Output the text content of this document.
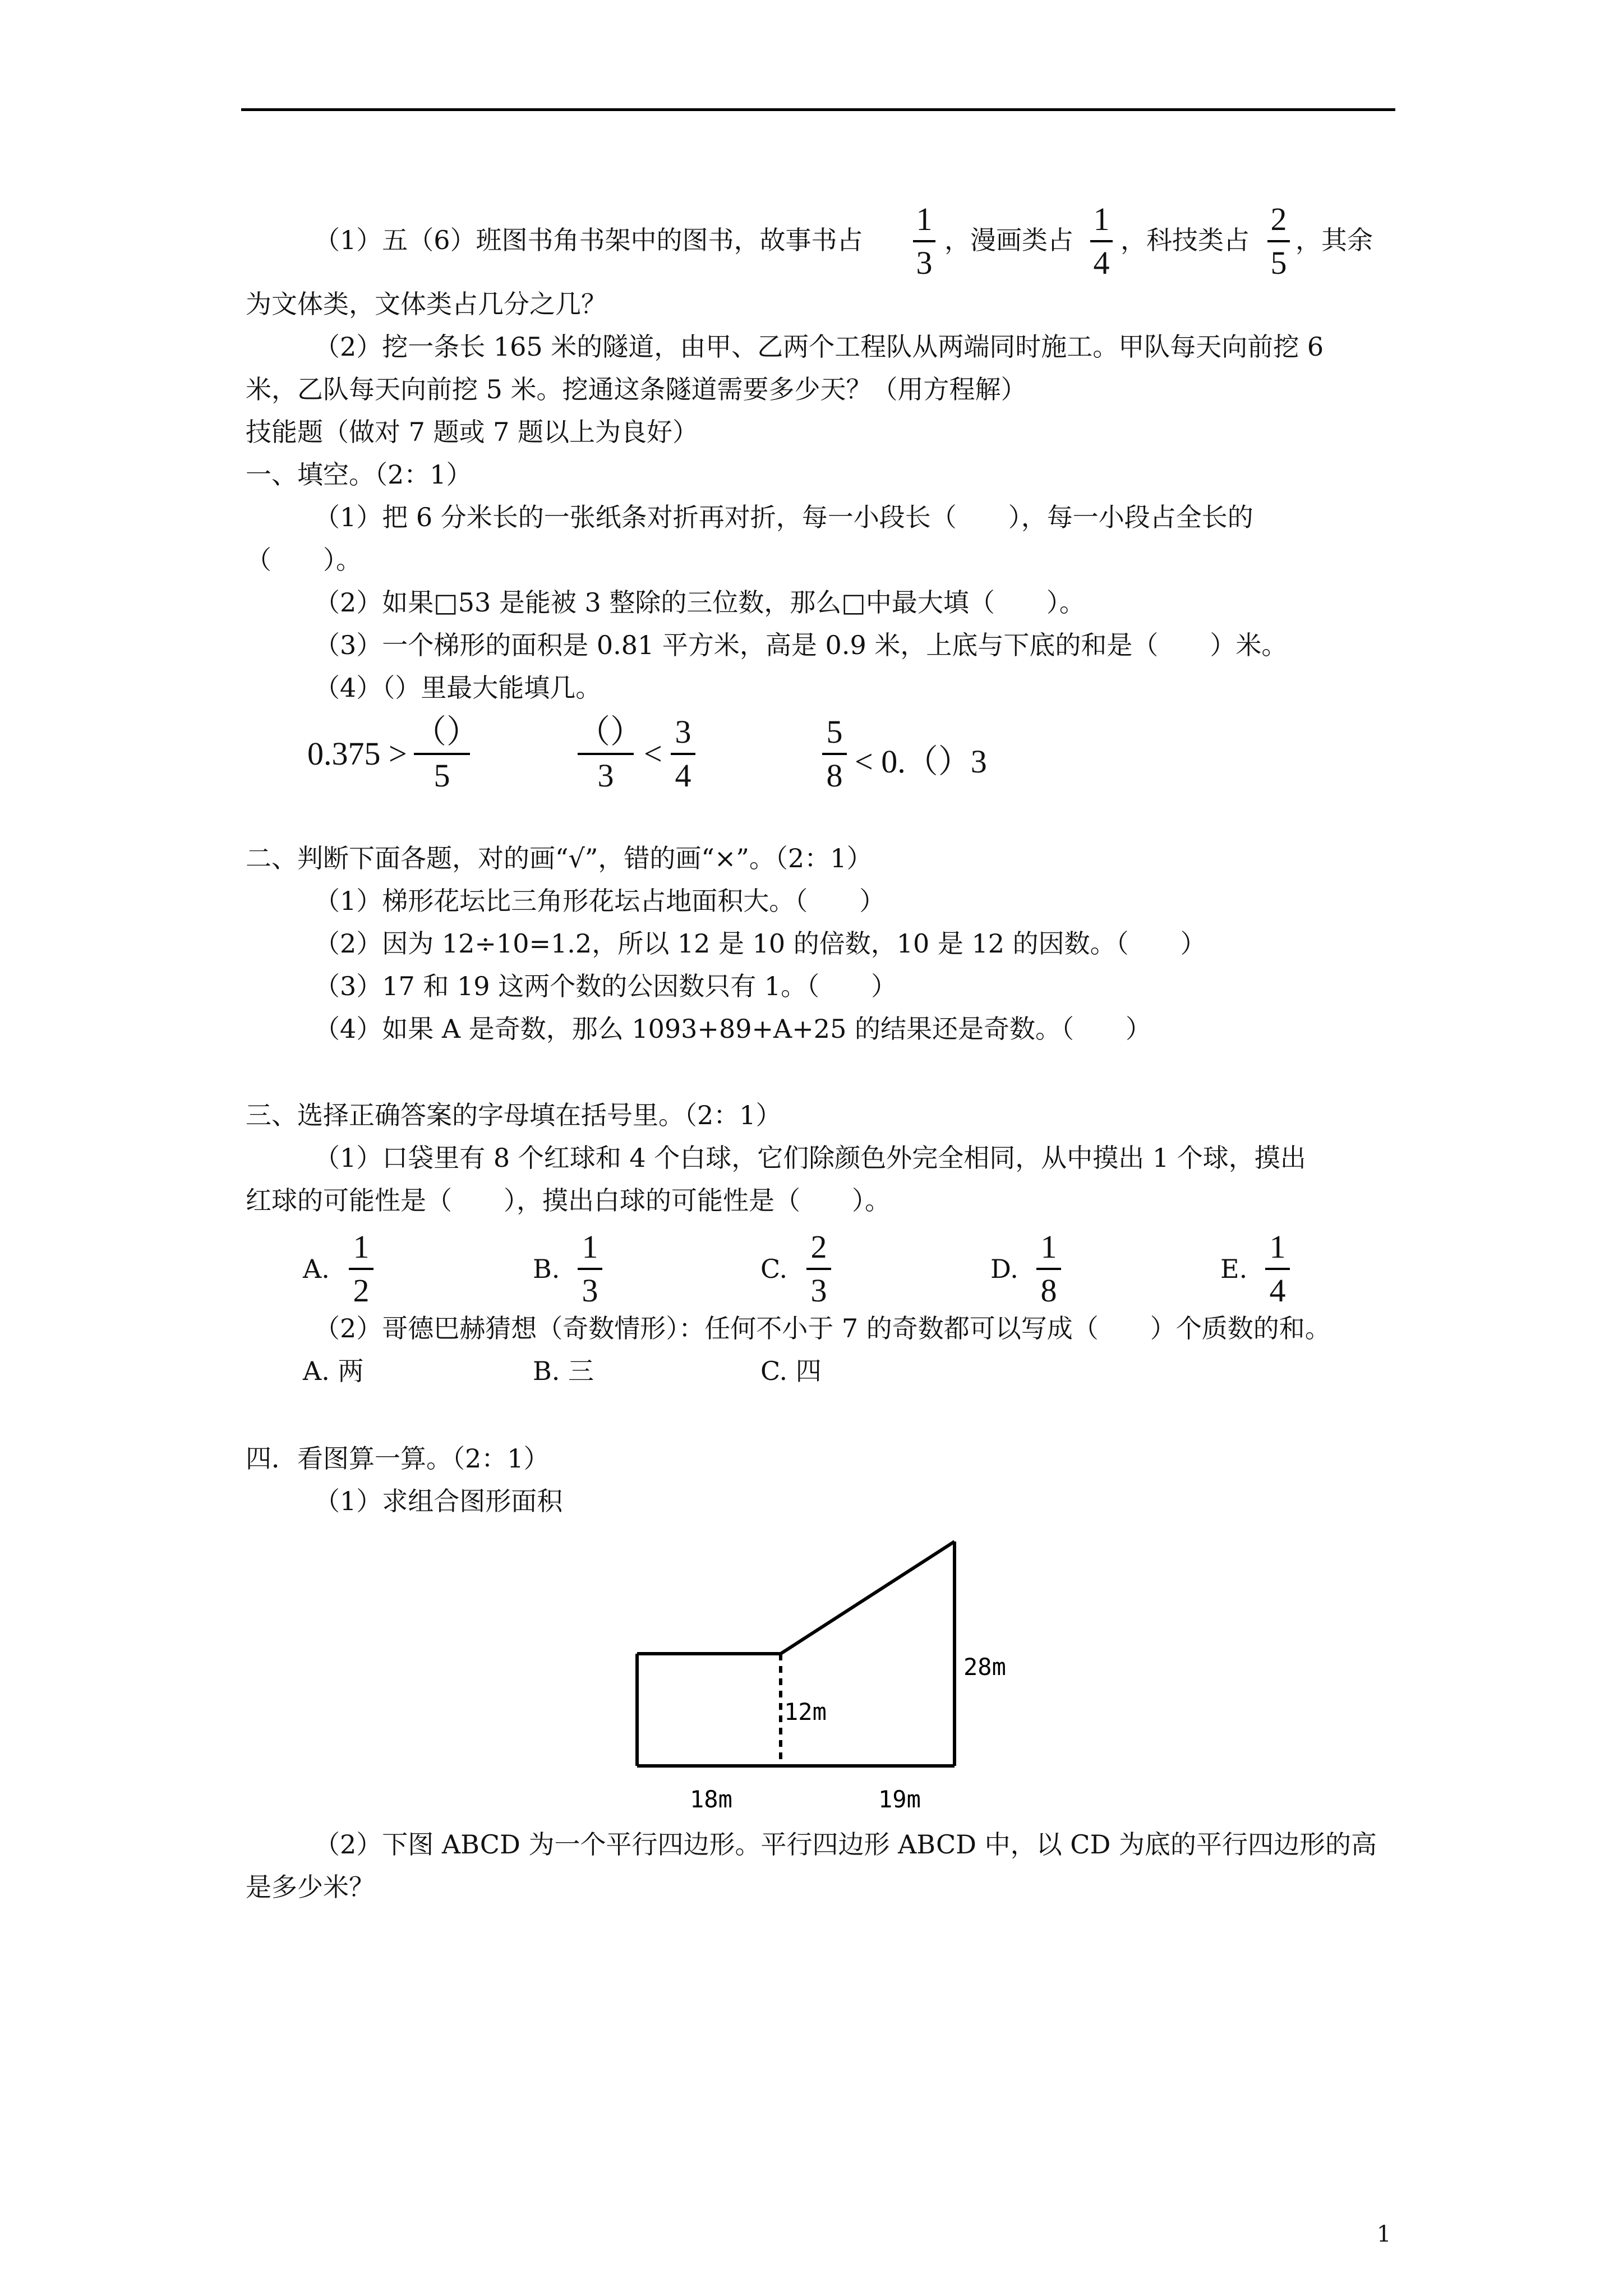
（1）五（6）班图书角书架中的图书，故事书占
1
3
，漫画类占
1
4
，科技类占
2
5
，其余
为文体类，文体类占几分之几？
（2）挖一条长 165 米的隧道，由甲、乙两个工程队从两端同时施工。甲队每天向前挖 6
米，乙队每天向前挖 5 米。挖通这条隧道需要多少天？（用方程解）
技能题（做对 7 题或 7 题以上为良好）
一、填空。（2：1）
（1）把 6 分米长的一张纸条对折再对折，每一小段长（　　），每一小段占全长的
（　　）。
（2）如果□53 是能被 3 整除的三位数，那么□中最大填（　　）。
（3）一个梯形的面积是 0.81 平方米，高是 0.9 米，上底与下底的和是（　　）米。
（4）（）里最大能填几。
0.375 >
（）
5
（）
3
<
3
4
5
8 < 0.（）3
二、判断下面各题，对的画“√”，错的画“×”。（2：1）
（1）梯形花坛比三角形花坛占地面积大。（　　）
（2）因为 12÷10=1.2，所以 12 是 10 的倍数，10 是 12 的因数。（　　）
（3）17 和 19 这两个数的公因数只有 1。（　　）
（4）如果 A 是奇数，那么 1093+89+A+25 的结果还是奇数。（　　）
三、选择正确答案的字母填在括号里。（2：1）
（1）口袋里有 8 个红球和 4 个白球，它们除颜色外完全相同，从中摸出 1 个球，摸出
红球的可能性是（　　），摸出白球的可能性是（　　）。
A.
1
2
B.
1
3
C.
2
3
D.
1
8
E.
1
4
（2）哥德巴赫猜想（奇数情形）：任何不小于 7 的奇数都可以写成（　　）个质数的和。
A. 两	B. 三	C. 四
四．看图算一算。（2：1）
（1）求组合图形面积
28m
12m
18m	19m
（2）下图 ABCD 为一个平行四边形。平行四边形 ABCD 中，以 CD 为底的平行四边形的高
是多少米？
1
